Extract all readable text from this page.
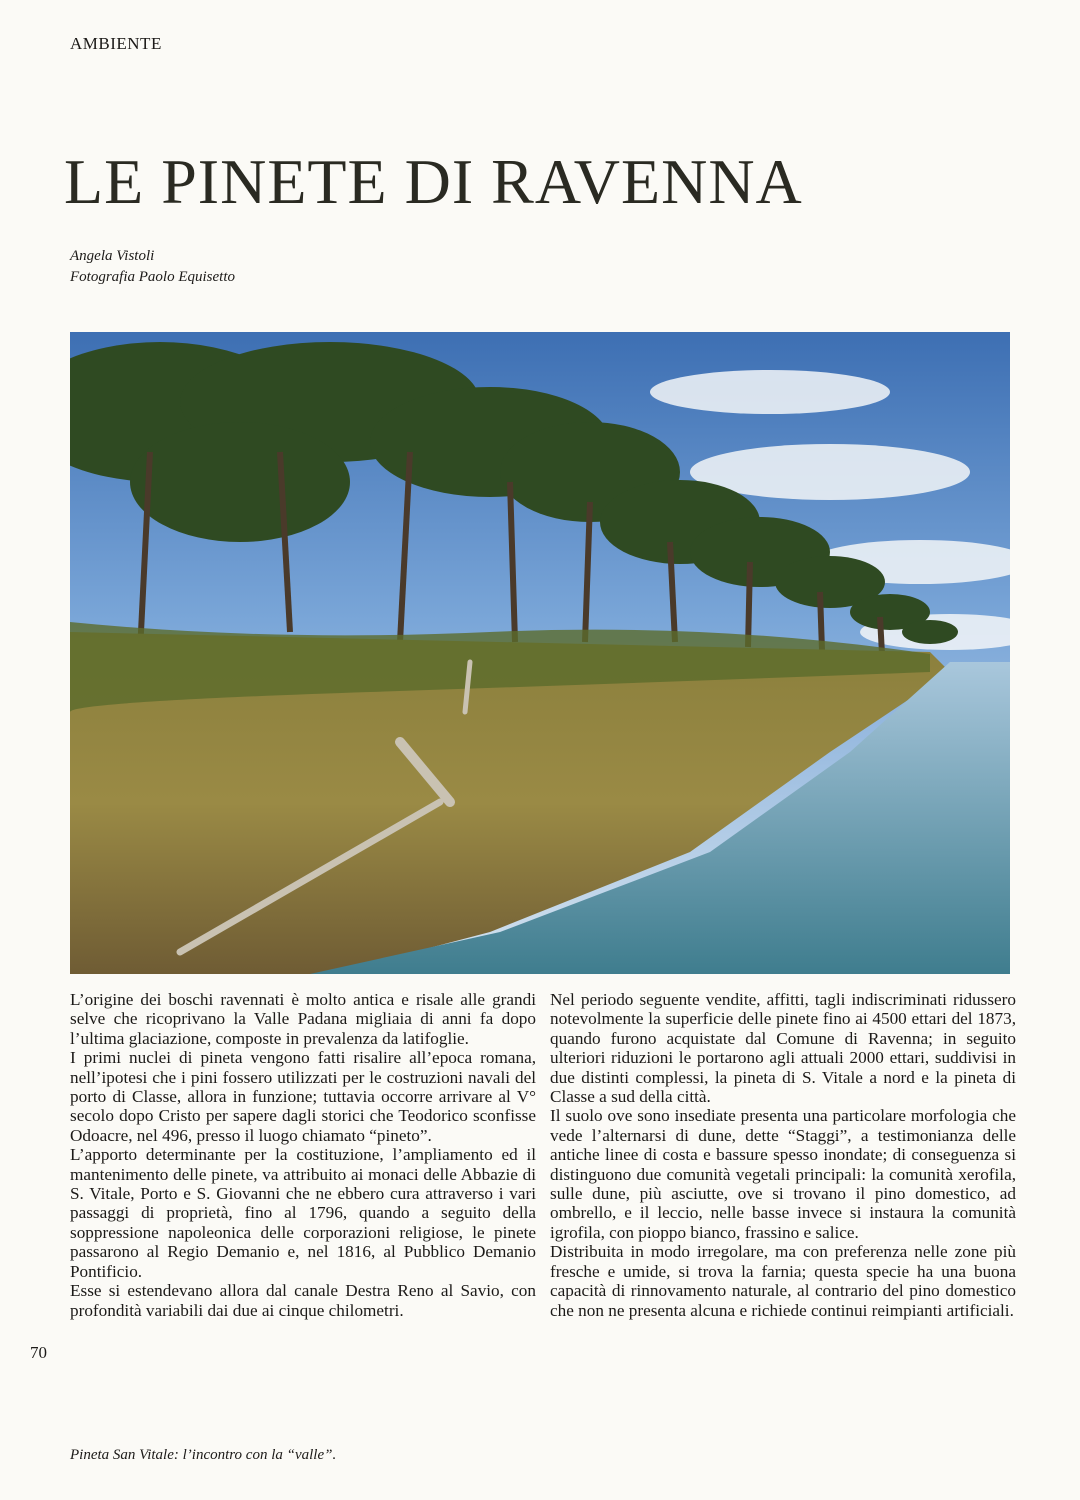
AMBIENTE
LE PINETE DI RAVENNA
Angela Vistoli
Fotografia Paolo Equisetto

L’origine dei boschi ravennati è molto antica e risale alle grandi selve che ricoprivano la Valle Padana migliaia di anni fa dopo l’ultima glaciazione, composte in prevalenza da latifoglie.

I primi nuclei di pineta vengono fatti risalire all’epoca romana, nell’ipotesi che i pini fossero utilizzati per le costruzioni navali del porto di Classe, allora in funzione; tuttavia occorre arrivare al V° secolo dopo Cristo per sapere dagli storici che Teodorico sconfisse Odoacre, nel 496, presso il luogo chiamato “pineto”.

L’apporto determinante per la costituzione, l’ampliamento ed il mantenimento delle pinete, va attribuito ai monaci delle Abbazie di S. Vitale, Porto e S. Giovanni che ne ebbero cura attraverso i vari passaggi di proprietà, fino al 1796, quando a seguito della soppressione napoleonica delle corporazioni religiose, le pinete passarono al Regio Demanio e, nel 1816, al Pubblico Demanio Pontificio.

Esse si estendevano allora dal canale Destra Reno al Savio, con profondità variabili dai due ai cinque chilometri.

Nel periodo seguente vendite, affitti, tagli indiscriminati ridussero notevolmente la superficie delle pinete fino ai 4500 ettari del 1873, quando furono acquistate dal Comune di Ravenna; in seguito ulteriori riduzioni le portarono agli attuali 2000 ettari, suddivisi in due distinti complessi, la pineta di S. Vitale a nord e la pineta di Classe a sud della città.

Il suolo ove sono insediate presenta una particolare morfologia che vede l’alternarsi di dune, dette “Staggi”, a testimonianza delle antiche linee di costa e bassure spesso inondate; di conseguenza si distinguono due comunità vegetali principali: la comunità xerofila, sulle dune, più asciutte, ove si trovano il pino domestico, ad ombrello, e il leccio, nelle basse invece si instaura la comunità igrofila, con pioppo bianco, frassino e salice.

Distribuita in modo irregolare, ma con preferenza nelle zone più fresche e umide, si trova la farnia; questa specie ha una buona capacità di rinnovamento naturale, al contrario del pino domestico che non ne presenta alcuna e richiede continui reimpianti artificiali.

70
Pineta San Vitale: l’incontro con la “valle”.
